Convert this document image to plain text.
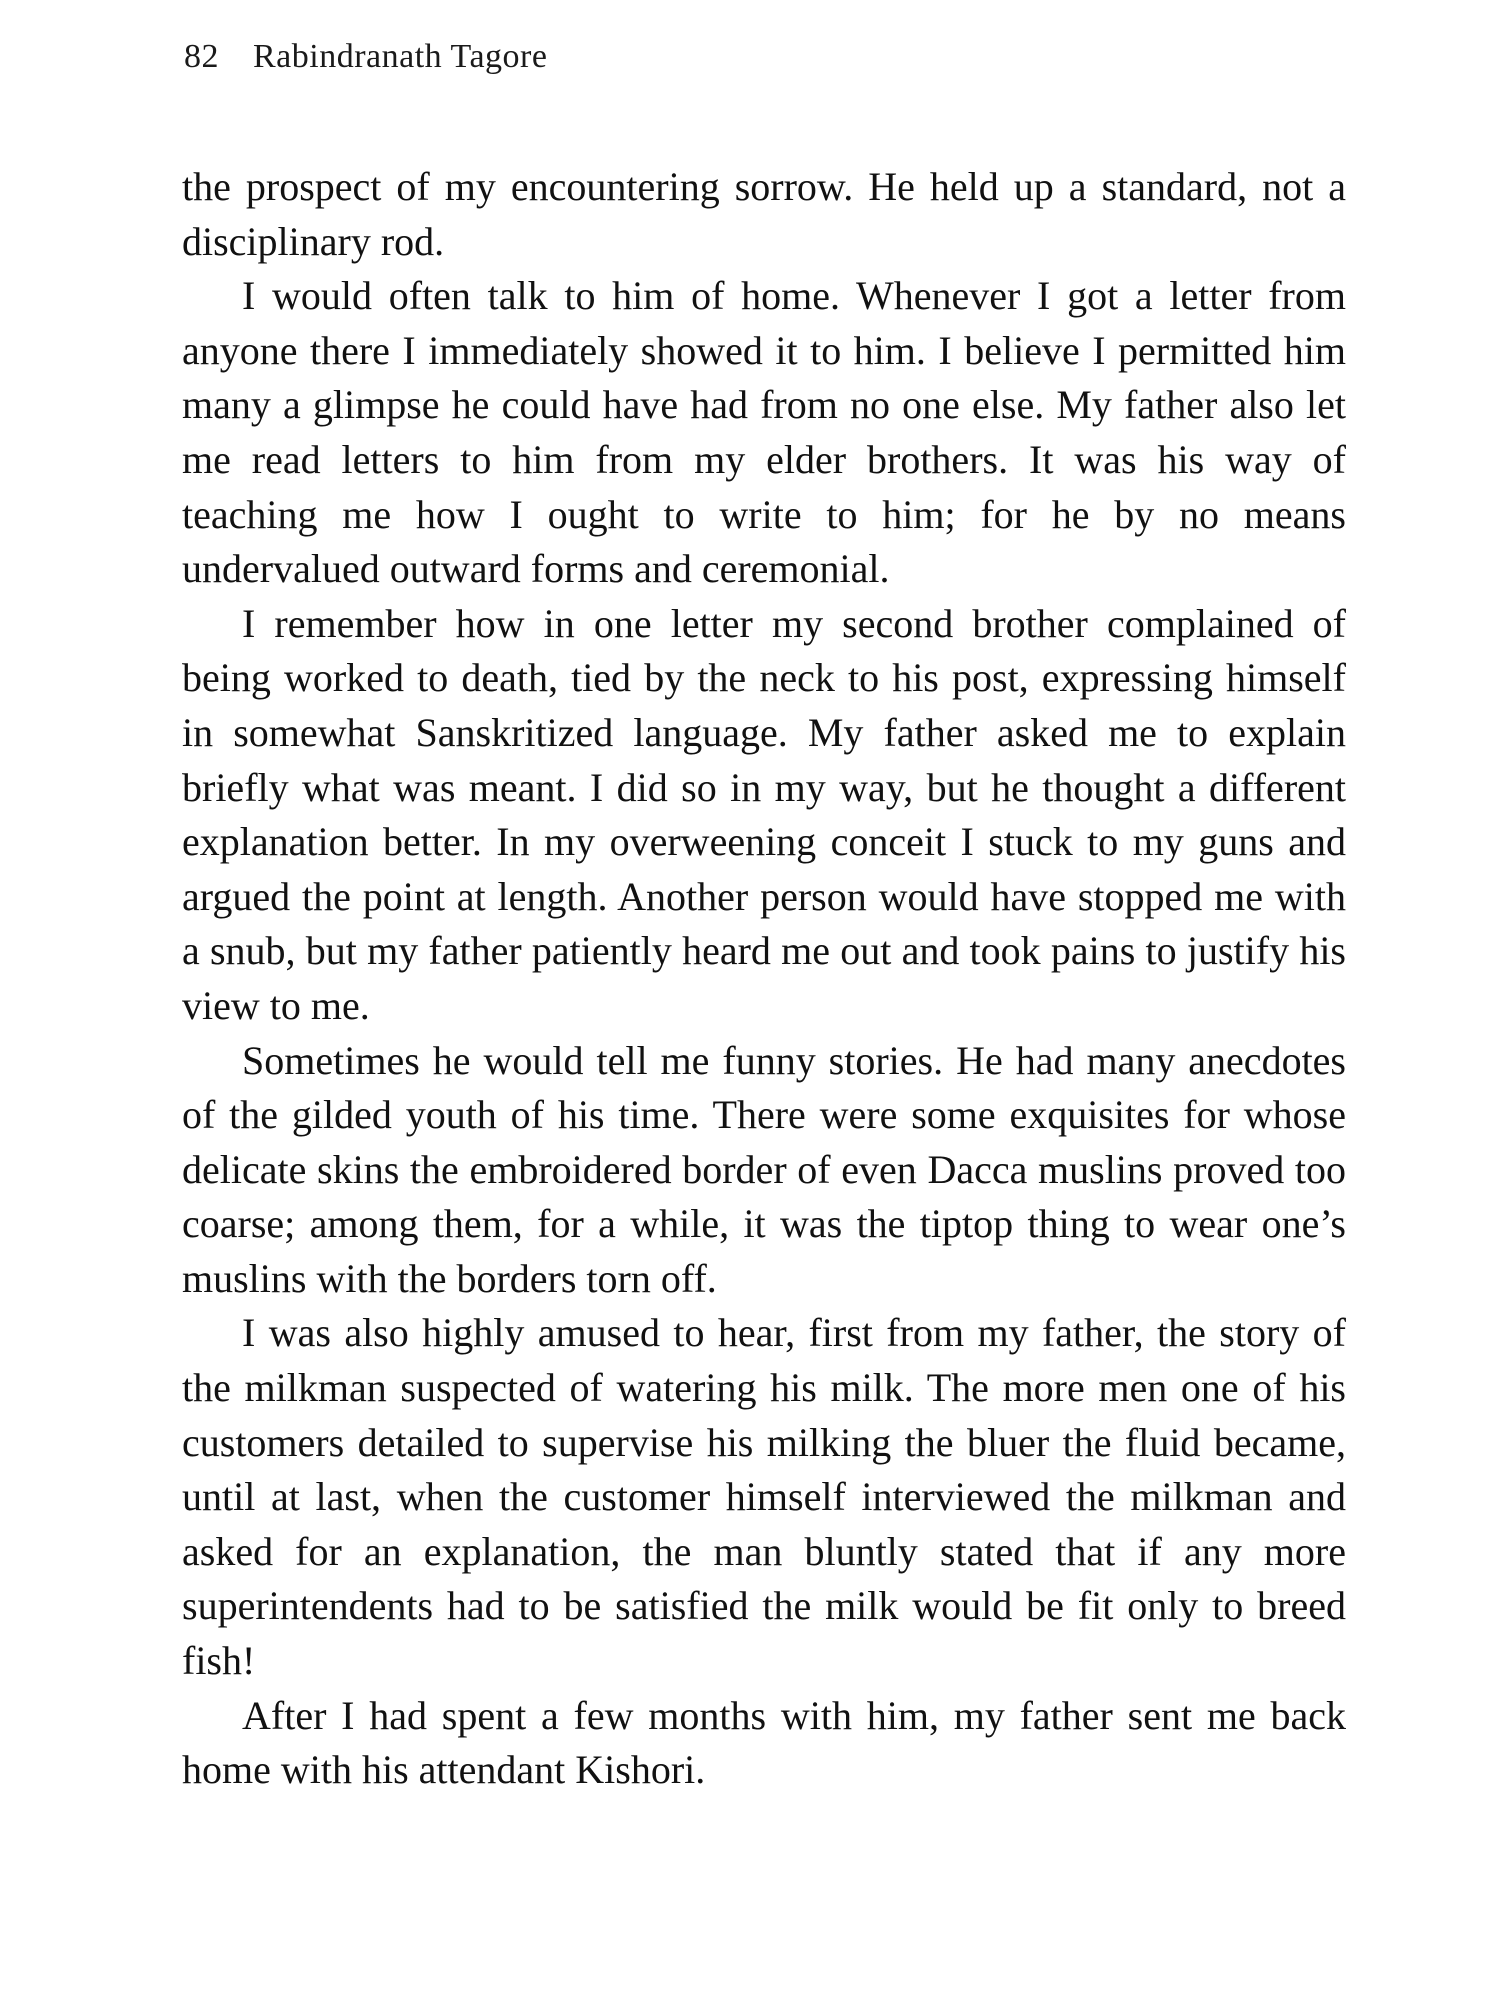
82 Rabindranath Tagore

the prospect of my encountering sorrow. He held up a standard, not a disciplinary rod.

I would often talk to him of home. Whenever I got a letter from anyone there I immediately showed it to him. I believe I permitted him many a glimpse he could have had from no one else. My father also let me read letters to him from my elder brothers. It was his way of teaching me how I ought to write to him; for he by no means undervalued outward forms and ceremonial.

I remember how in one letter my second brother complained of being worked to death, tied by the neck to his post, expressing himself in somewhat Sanskritized language. My father asked me to explain briefly what was meant. I did so in my way, but he thought a different explanation better. In my overweening conceit I stuck to my guns and argued the point at length. Another person would have stopped me with a snub, but my father patiently heard me out and took pains to justify his view to me.

Sometimes he would tell me funny stories. He had many anecdotes of the gilded youth of his time. There were some exquisites for whose delicate skins the embroidered border of even Dacca muslins proved too coarse; among them, for a while, it was the tiptop thing to wear one’s muslins with the borders torn off.

I was also highly amused to hear, first from my father, the story of the milkman suspected of watering his milk. The more men one of his customers detailed to supervise his milking the bluer the fluid became, until at last, when the customer himself interviewed the milkman and asked for an explanation, the man bluntly stated that if any more superintendents had to be satisfied the milk would be fit only to breed fish!

After I had spent a few months with him, my father sent me back home with his attendant Kishori.
